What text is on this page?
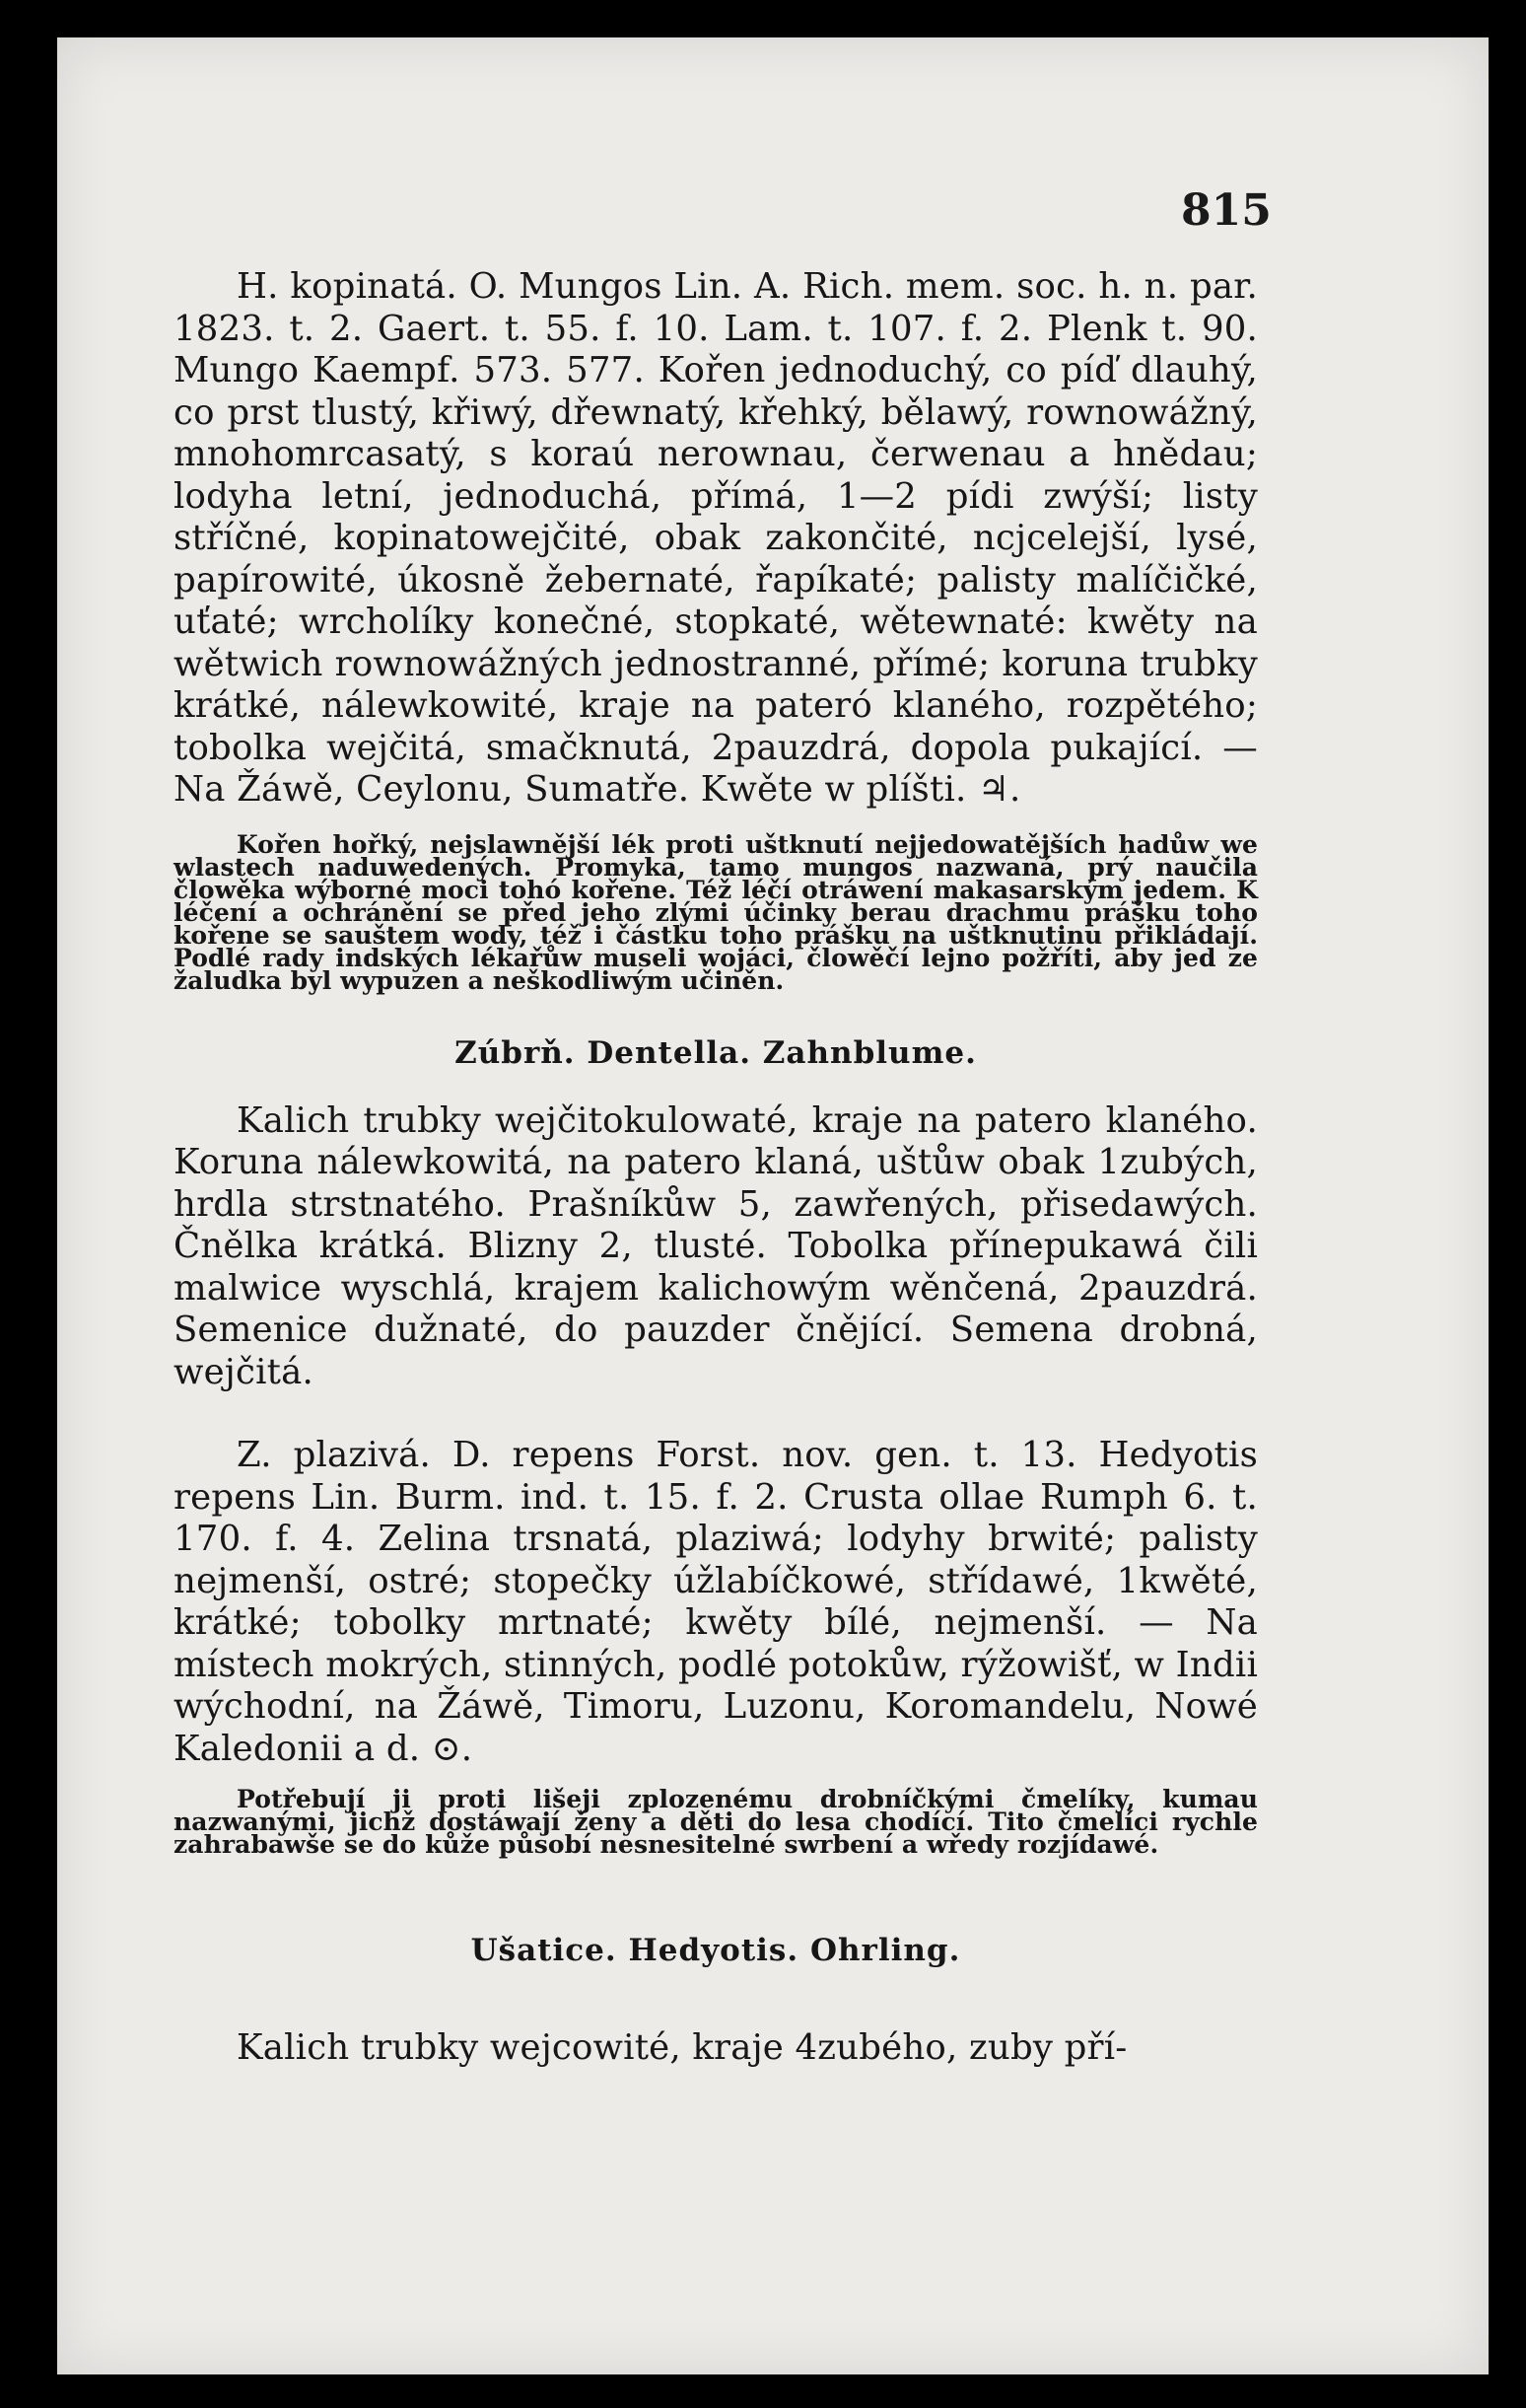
815

H. kopinatá. O. Mungos Lin. A. Rich. mem. soc. h. n. par. 1823. t. 2. Gaert. t. 55. f. 10. Lam. t. 107. f. 2. Plenk t. 90. Mungo Kaempf. 573. 577. Kořen jednoduchý, co píď dlauhý, co prst tlustý, křiwý, dřewnatý, křehký, bělawý, rownowážný, mnohomrcasatý, s koraú nerownau, čerwenau a hnědau; lodyha letní, jednoduchá, přímá, 1—2 pídi zwýší; listy stříčné, kopinatowejčité, obak zakončité, ncjcelejší, lysé, papírowité, úkosně žebernaté, řapíkaté; palisty malíčičké, uťaté; wrcholíky konečné, stopkaté, wětewnaté: kwěty na wětwich rownowážných jednostranné, přímé; koruna trubky krátké, nálewkowité, kraje na pateró klaného, rozpětého; tobolka wejčitá, smačknutá, 2pauzdrá, dopola pukající. — Na Žáwě, Ceylonu, Sumatře. Kwěte w plíšti. ♃.

Kořen hořký, nejslawnější lék proti uštknutí nejjedowatějších hadůw we wlastech naduwedených. Promyka, tamo mungos nazwaná, prý naučila člowěka wýborné moci tohó kořene. Též léčí otráwení makasarským jedem. K léčení a ochránění se před jeho zlými účinky berau drachmu prášku toho kořene se sauštem wody, též i částku toho prášku na uštknutinu přikládají. Podlé rady indských lékařůw museli wojáci, člowěčí lejno požříti, aby jed ze žaludka byl wypuzen a neškodliwým učiněn.

Zúbrň. Dentella. Zahnblume.

Kalich trubky wejčitokulowaté, kraje na patero klaného. Koruna nálewkowitá, na patero klaná, uštůw obak 1zubých, hrdla strstnatého. Prašníkůw 5, zawřených, přisedawých. Čnělka krátká. Blizny 2, tlusté. Tobolka přínepukawá čili malwice wyschlá, krajem kalichowým wěnčená, 2pauzdrá. Semenice dužnaté, do pauzder čnějící. Semena drobná, wejčitá.

Z. plazivá. D. repens Forst. nov. gen. t. 13. Hedyotis repens Lin. Burm. ind. t. 15. f. 2. Crusta ollae Rumph 6. t. 170. f. 4. Zelina trsnatá, plaziwá; lodyhy brwité; palisty nejmenší, ostré; stopečky úžlabíčkowé, střídawé, 1kwěté, krátké; tobolky mrtnaté; kwěty bílé, nejmenší. — Na místech mokrých, stinných, podlé potokůw, rýžowišť, w Indii wýchodní, na Žáwě, Timoru, Luzonu, Koromandelu, Nowé Kaledonii a d. ⊙.

Potřebují ji proti lišeji zplozenému drobníčkými čmelíky, kumau nazwanými, jichž dostáwají ženy a děti do lesa chodící. Tito čmelíci rychle zahrabawše se do kůže působí nesnesitelné swrbení a wředy rozjídawé.

Ušatice. Hedyotis. Ohrling.

Kalich trubky wejcowité, kraje 4zubého, zuby pří-
